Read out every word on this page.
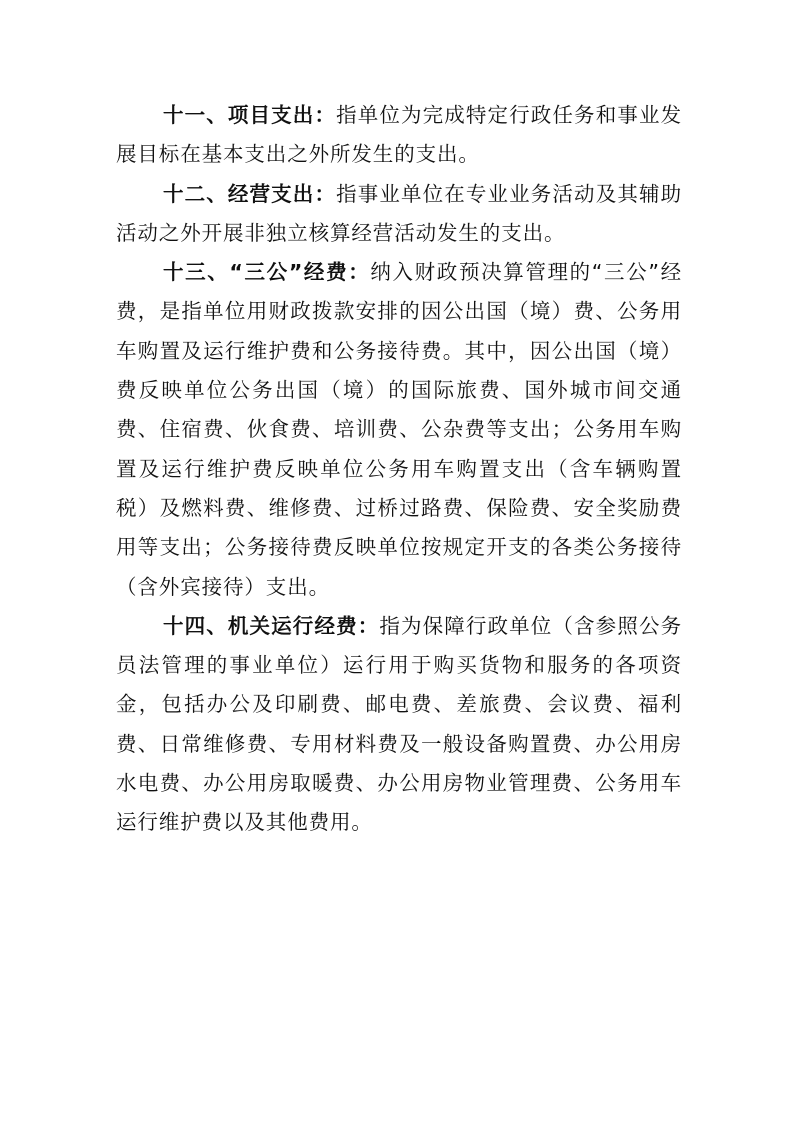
十一、项目支出：指单位为完成特定行政任务和事业发展目标在基本支出之外所发生的支出。

十二、经营支出：指事业单位在专业业务活动及其辅助活动之外开展非独立核算经营活动发生的支出。

十三、“三公”经费：纳入财政预决算管理的“三公”经费，是指单位用财政拨款安排的因公出国（境）费、公务用车购置及运行维护费和公务接待费。其中，因公出国（境）费反映单位公务出国（境）的国际旅费、国外城市间交通费、住宿费、伙食费、培训费、公杂费等支出；公务用车购置及运行维护费反映单位公务用车购置支出（含车辆购置税）及燃料费、维修费、过桥过路费、保险费、安全奖励费用等支出；公务接待费反映单位按规定开支的各类公务接待（含外宾接待）支出。

十四、机关运行经费：指为保障行政单位（含参照公务员法管理的事业单位）运行用于购买货物和服务的各项资金，包括办公及印刷费、邮电费、差旅费、会议费、福利费、日常维修费、专用材料费及一般设备购置费、办公用房水电费、办公用房取暖费、办公用房物业管理费、公务用车运行维护费以及其他费用。
